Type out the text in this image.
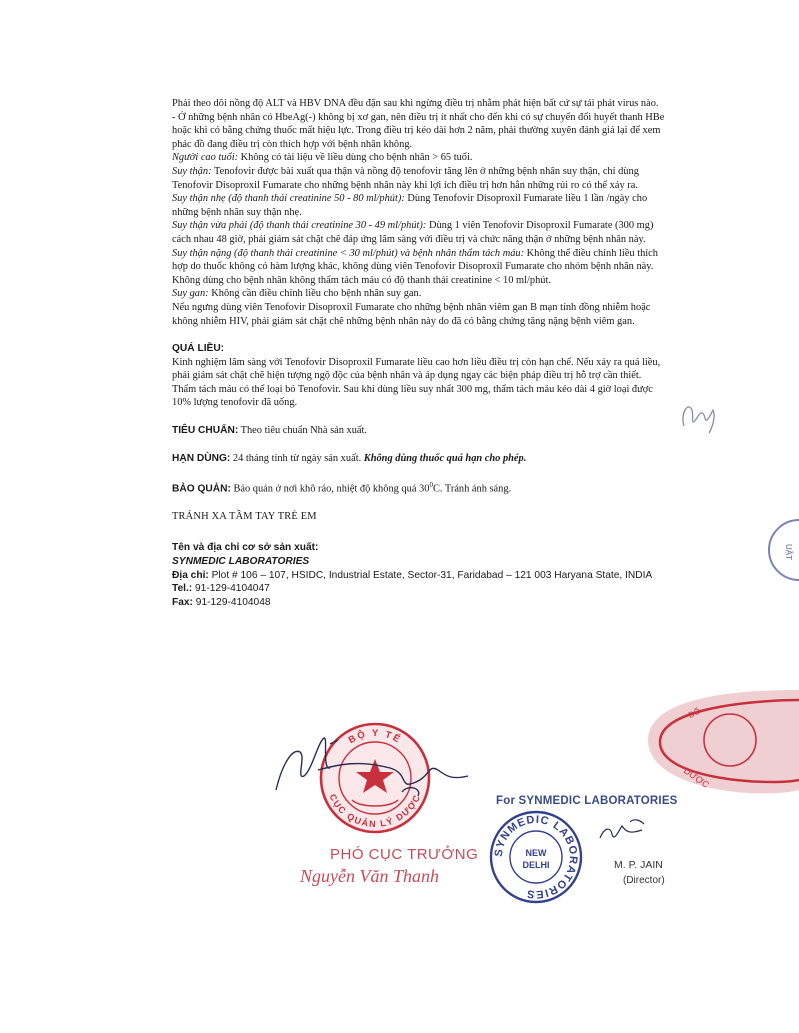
Phải theo dõi nồng độ ALT và HBV DNA đều đặn sau khi ngừng điều trị nhằm phát hiện bất cứ sự tái phát virus nào.

- Ở những bệnh nhân có HbeAg(-) không bị xơ gan, nên điều trị ít nhất cho đến khi có sự chuyển đổi huyết thanh HBe hoặc khi có bằng chứng thuốc mất hiệu lực. Trong điều trị kéo dài hơn 2 năm, phải thường xuyên đánh giá lại để xem phác đồ đang điều trị còn thích hợp với bệnh nhân không.

Người cao tuổi: Không có tài liệu về liều dùng cho bệnh nhân > 65 tuổi.

Suy thận: Tenofovir được bài xuất qua thận và nồng độ tenofovir tăng lên ở những bệnh nhân suy thận, chỉ dùng Tenofovir Disoproxil Fumarate cho những bệnh nhân này khi lợi ích điều trị hơn hẳn những rủi ro có thể xảy ra.

Suy thận nhẹ (độ thanh thải creatinine 50 - 80 ml/phút): Dùng Tenofovir Disoproxil Fumarate liều 1 lần /ngày cho những bệnh nhân suy thận nhẹ.

Suy thận vừa phải (độ thanh thải creatinine 30 - 49 ml/phút): Dùng 1 viên Tenofovir Disoproxil Fumarate (300 mg) cách nhau 48 giờ, phải giám sát chặt chẽ đáp ứng lâm sàng với điều trị và chức năng thận ở những bệnh nhân này.

Suy thận nặng (độ thanh thải creatinine < 30 ml/phút) và bệnh nhân thẩm tách máu: Không thể điều chỉnh liều thích hợp do thuốc không có hàm lượng khác, không dùng viên Tenofovir Disoproxil Fumarate cho nhóm bệnh nhân này.

Không dùng cho bệnh nhân không thẩm tách máu có độ thanh thải creatinine < 10 ml/phút.

Suy gan: Không cần điều chỉnh liều cho bệnh nhân suy gan.

Nếu ngưng dùng viên Tenofovir Disoproxil Fumarate cho những bệnh nhân viêm gan B mạn tính đồng nhiễm hoặc không nhiễm HIV, phải giám sát chặt chẽ những bệnh nhân này do đã có bằng chứng tăng nặng bệnh viêm gan.

QUÁ LIỀU:

Kinh nghiệm lâm sàng với Tenofovir Disoproxil Fumarate liều cao hơn liều điều trị còn hạn chế. Nếu xảy ra quá liều, phải giám sát chặt chẽ hiện tượng ngộ độc của bệnh nhân và áp dụng ngay các biện pháp điều trị hỗ trợ cần thiết.

Thẩm tách máu có thể loại bỏ Tenofovir. Sau khi dùng liều suy nhất 300 mg, thẩm tách máu kéo dài 4 giờ loại được 10% lượng tenofovir đã uống.

TIÊU CHUẨN: Theo tiêu chuẩn Nhà sản xuất.

HẠN DÙNG: 24 tháng tính từ ngày sản xuất. Không dùng thuốc quá hạn cho phép.

BẢO QUẢN: Bảo quản ở nơi khô ráo, nhiệt độ không quá $30^0C$. Tránh ánh sáng.

TRÁNH XA TẦM TAY TRẺ EM

Tên và địa chỉ cơ sở sản xuất:

SYNMEDIC LABORATORIES

Địa chỉ: Plot # 106 – 107, HSIDC, Industrial Estate, Sector-31, Faridabad – 121 003 Haryana State, INDIA

Tel.: 91-129-4104047

Fax: 91-129-4104048

UẬT
ĐỐ
DƯỢC
BỘ Y TẾ
CỤC QUẢN LÝ DƯỢC
SYNMEDIC LABORATORIES
NEW
DELHI
PHÓ CỤC TRƯỞNG
Nguyễn Văn Thanh
For SYNMEDIC LABORATORIES
M. P. JAIN
(Director)
